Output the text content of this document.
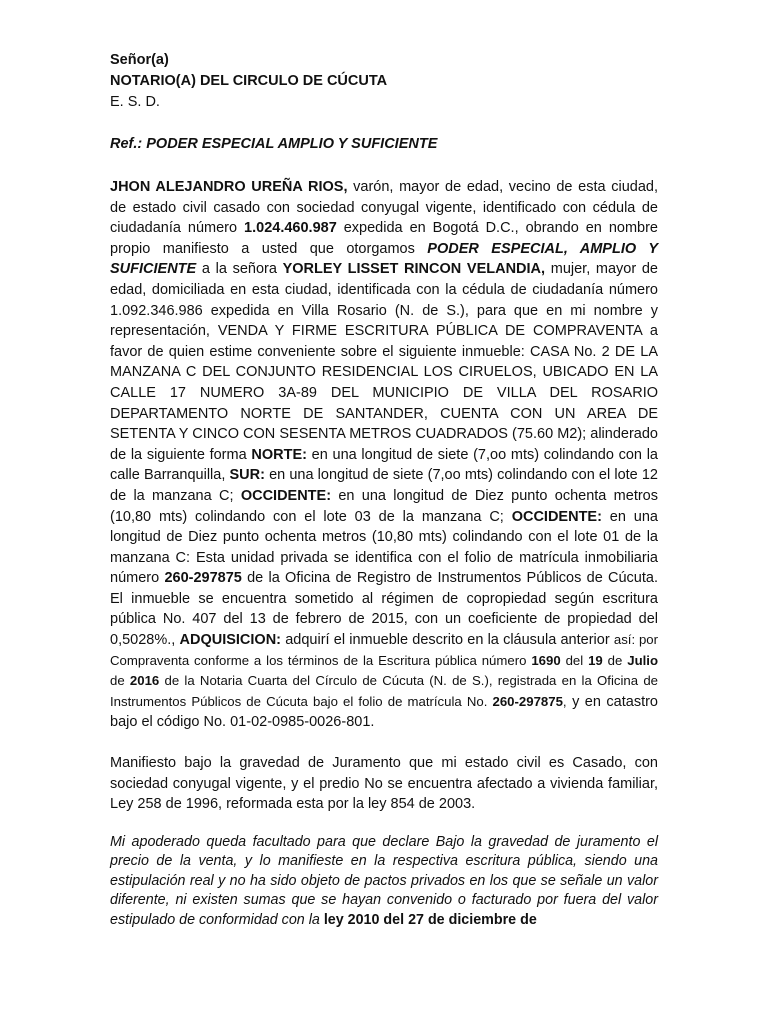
Señor(a)

NOTARIO(A) DEL CIRCULO DE CÚCUTA

E. S. D.

Ref.: PODER ESPECIAL AMPLIO Y SUFICIENTE

JHON ALEJANDRO UREÑA RIOS, varón, mayor de edad, vecino de esta ciudad, de estado civil casado con sociedad conyugal vigente, identificado con cédula de ciudadanía número 1.024.460.987 expedida en Bogotá D.C., obrando en nombre propio manifiesto a usted que otorgamos PODER ESPECIAL, AMPLIO Y SUFICIENTE a la señora YORLEY LISSET RINCON VELANDIA, mujer, mayor de edad, domiciliada en esta ciudad, identificada con la cédula de ciudadanía número 1.092.346.986 expedida en Villa Rosario (N. de S.), para que en mi nombre y representación, VENDA Y FIRME ESCRITURA PÚBLICA DE COMPRAVENTA a favor de quien estime conveniente sobre el siguiente inmueble: CASA No. 2 DE LA MANZANA C DEL CONJUNTO RESIDENCIAL LOS CIRUELOS, UBICADO EN LA CALLE 17 NUMERO 3A-89 DEL MUNICIPIO DE VILLA DEL ROSARIO DEPARTAMENTO NORTE DE SANTANDER, CUENTA CON UN AREA DE SETENTA Y CINCO CON SESENTA METROS CUADRADOS (75.60 M2); alinderado de la siguiente forma NORTE: en una longitud de siete (7,oo mts) colindando con la calle Barranquilla, SUR: en una longitud de siete (7,oo mts) colindando con el lote 12 de la manzana C; OCCIDENTE: en una longitud de Diez punto ochenta metros (10,80 mts) colindando con el lote 03 de la manzana C; OCCIDENTE: en una longitud de Diez punto ochenta metros (10,80 mts) colindando con el lote 01 de la manzana C: Esta unidad privada se identifica con el folio de matrícula inmobiliaria número 260-297875 de la Oficina de Registro de Instrumentos Públicos de Cúcuta. El inmueble se encuentra sometido al régimen de copropiedad según escritura pública No. 407 del 13 de febrero de 2015, con un coeficiente de propiedad del 0,5028%., ADQUISICION: adquirí el inmueble descrito en la cláusula anterior así: por Compraventa conforme a los términos de la Escritura pública número 1690 del 19 de Julio de 2016 de la Notaria Cuarta del Círculo de Cúcuta (N. de S.), registrada en la Oficina de Instrumentos Públicos de Cúcuta bajo el folio de matrícula No. 260-297875, y en catastro bajo el código No. 01-02-0985-0026-801.

Manifiesto bajo la gravedad de Juramento que mi estado civil es Casado, con sociedad conyugal vigente, y el predio No se encuentra afectado a vivienda familiar, Ley 258 de 1996, reformada esta por la ley 854 de 2003.

Mi apoderado queda facultado para que declare Bajo la gravedad de juramento el precio de la venta, y lo manifieste en la respectiva escritura pública, siendo una estipulación real y no ha sido objeto de pactos privados en los que se señale un valor diferente, ni existen sumas que se hayan convenido o facturado por fuera del valor estipulado de conformidad con la ley 2010 del 27 de diciembre de
